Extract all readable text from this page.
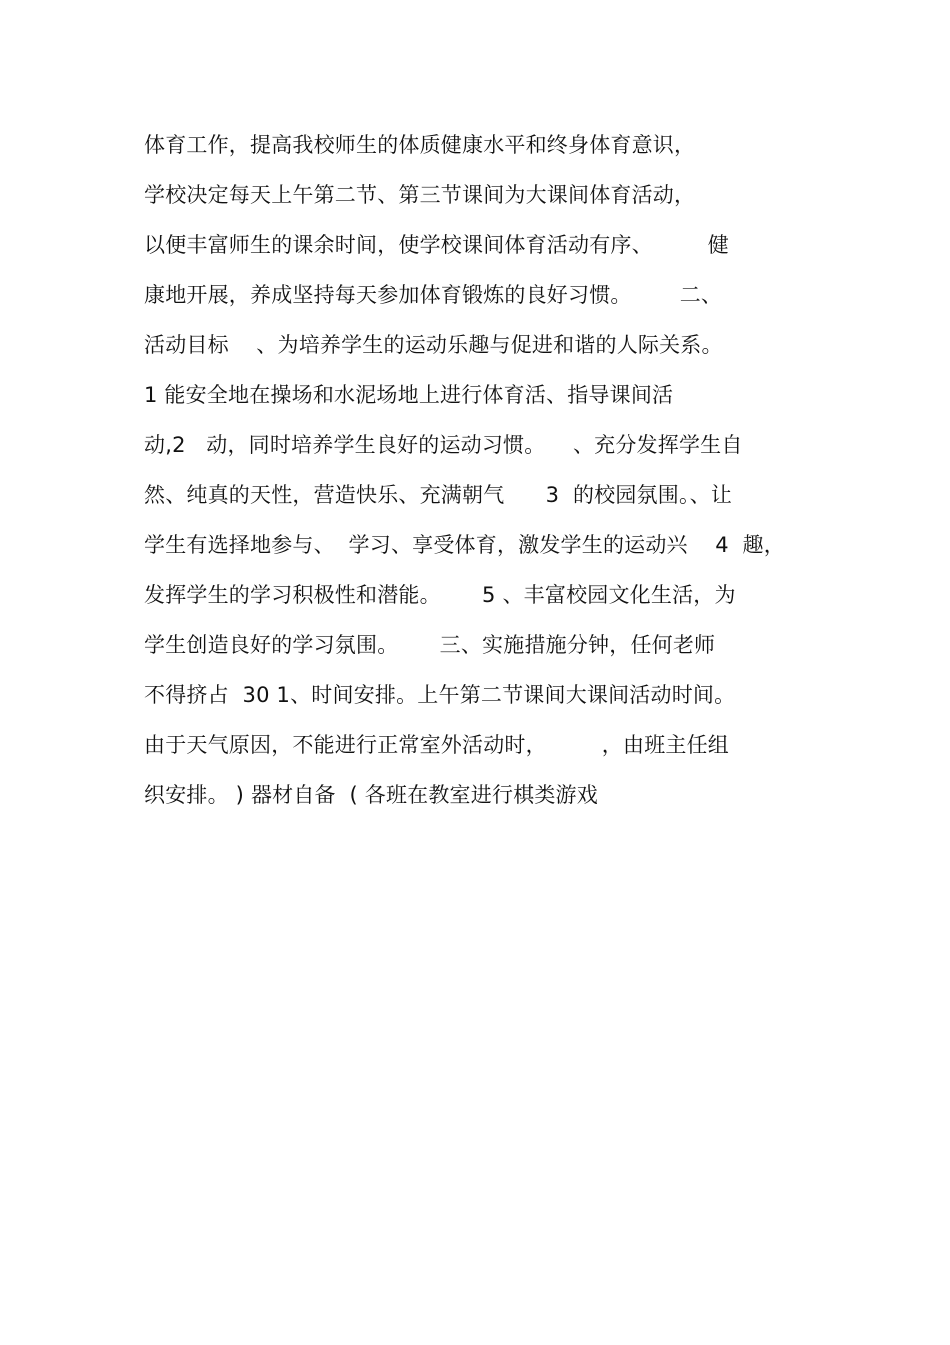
体育工作，提高我校师生的体质健康水平和终身体育意识，
学校决定每天上午第二节、第三节课间为大课间体育活动，
以便丰富师生的课余时间，使学校课间体育活动有序、        健
康地开展，养成坚持每天参加体育锻炼的良好习惯。       二、
活动目标    、为培养学生的运动乐趣与促进和谐的人际关系。
1 能安全地在操场和水泥场地上进行体育活、指导课间活
动,2   动，同时培养学生良好的运动习惯。    、充分发挥学生自
然、纯真的天性，营造快乐、充满朝气      3  的校园氛围。、让
学生有选择地参与、  学习、享受体育，激发学生的运动兴    4  趣，
发挥学生的学习积极性和潜能。      5 、丰富校园文化生活，为
学生创造良好的学习氛围。      三、实施措施分钟，任何老师
不得挤占  30 1、时间安排。上午第二节课间大课间活动时间。
由于天气原因，不能进行正常室外活动时，        ，由班主任组
织安排。 ) 器材自备  ( 各班在教室进行棋类游戏
